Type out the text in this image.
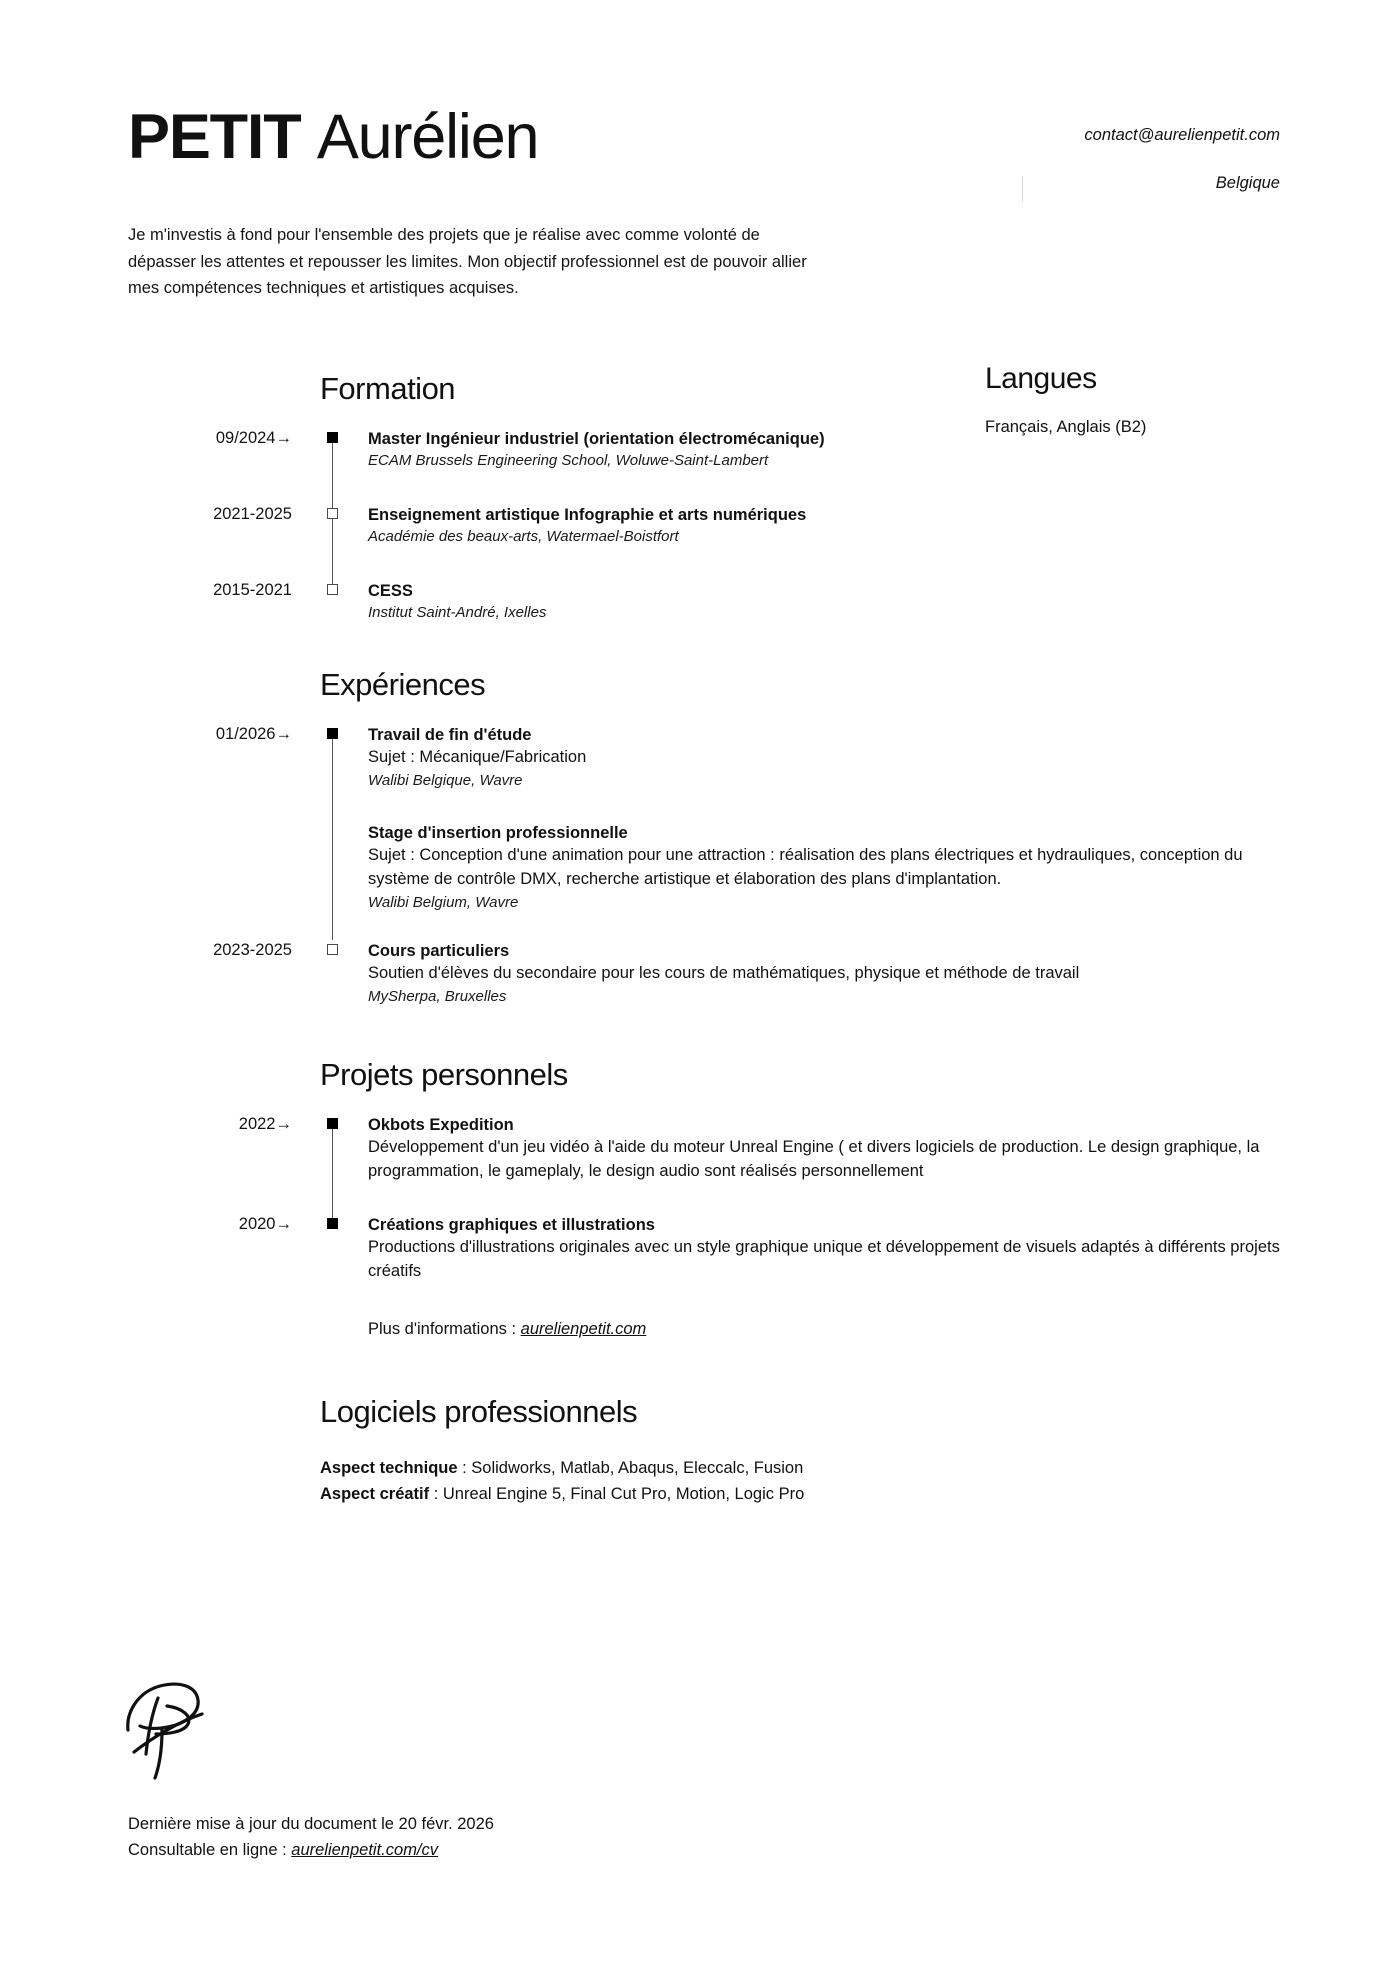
PETIT Aurélien	contact@aurelienpetit.com
Belgique

Je m'investis à fond pour l'ensemble des projets que je réalise avec comme volonté de dépasser les attentes et repousser les limites. Mon objectif professionnel est de pouvoir allier mes compétences techniques et artistiques acquises.

Formation
09/2024→	Master Ingénieur industriel (orientation électromécanique)

ECAM Brussels Engineering School, Woluwe-Saint-Lambert

2021-2025	Enseignement artistique Infographie et arts numériques

Académie des beaux-arts, Watermael-Boistfort

2015-2021	CESS

Institut Saint-André, Ixelles

Langues
Français, Anglais (B2)
Expériences
01/2026→	Travail de fin d'étude

Sujet : Mécanique/Fabrication

Walibi Belgique, Wavre

Stage d'insertion professionnelle

Sujet : Conception d'une animation pour une attraction : réalisation des plans électriques et hydrauliques, conception du système de contrôle DMX, recherche artistique et élaboration des plans d'implantation.

Walibi Belgium, Wavre

2023-2025	Cours particuliers

Soutien d'élèves du secondaire pour les cours de mathématiques, physique et méthode de travail

MySherpa, Bruxelles

Projets personnels
2022→	Okbots Expedition

Développement d'un jeu vidéo à l'aide du moteur Unreal Engine ( et divers logiciels de production. Le design graphique, la programmation, le gameplaly, le design audio sont réalisés personnellement

2020→	Créations graphiques et illustrations

Productions d'illustrations originales avec un style graphique unique et développement de visuels adaptés à différents projets créatifs

Plus d'informations : aurelienpetit.com
Logiciels professionnels
Aspect technique : Solidworks, Matlab, Abaqus, Eleccalc, Fusion
Aspect créatif : Unreal Engine 5, Final Cut Pro, Motion, Logic Pro
Dernière mise à jour du document le 20 févr. 2026
Consultable en ligne : aurelienpetit.com/cv
